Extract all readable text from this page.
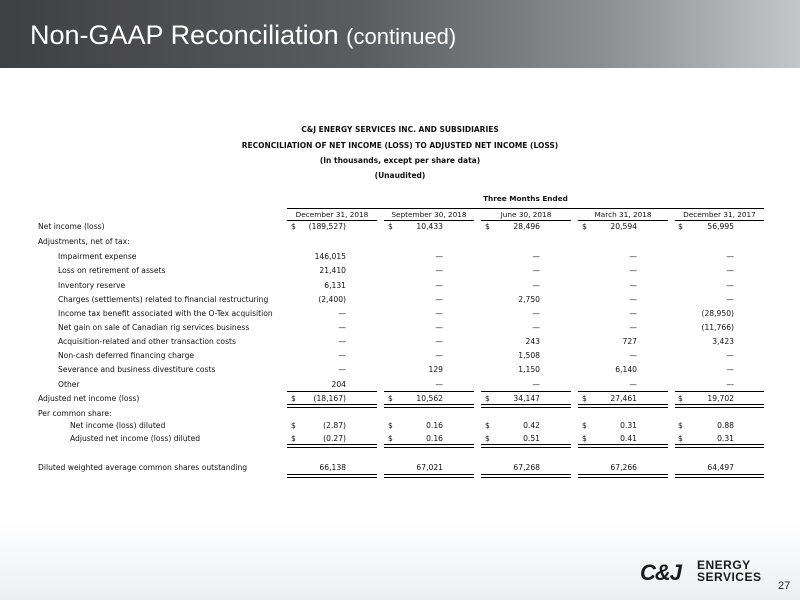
Non-GAAP Reconciliation (continued)
C&J ENERGY SERVICES INC. AND SUBSIDIARIES
RECONCILIATION OF NET INCOME (LOSS) TO ADJUSTED NET INCOME (LOSS)
(In thousands, except per share data)
(Unaudited)
Three Months Ended
December 31, 2018	September 30, 2018	June 30, 2018	March 31, 2018	December 31, 2017
Net income (loss)	$	(189,527)	$	10,433	$	28,496	$	20,594	$	56,995
Adjustments, net of tax:
Impairment expense	146,015	—	—	—	—
Loss on retirement of assets	21,410	—	—	—	—
Inventory reserve	6,131	—	—	—	—
Charges (settlements) related to financial restructuring	(2,400)	—	2,750	—	—
Income tax benefit associated with the O-Tex acquisition	—	—	—	—	(28,950)
Net gain on sale of Canadian rig services business	—	—	—	—	(11,766)
Acquisition-related and other transaction costs	—	—	243	727	3,423
Non-cash deferred financing charge	—	—	1,508	—	—
Severance and business divestiture costs	—	129	1,150	6,140	—
Other	204	—	—	—	—
Adjusted net income (loss)	$	(18,167)	$	10,562	$	34,147	$	27,461	$	19,702
Per common share:
Net income (loss) diluted	$	(2.87)	$	0.16	$	0.42	$	0.31	$	0.88
Adjusted net income (loss) diluted	$	(0.27)	$	0.16	$	0.51	$	0.41	$	0.31
Diluted weighted average common shares outstanding	66,138	67,021	67,268	67,266	64,497
C&J ENERGY
SERVICES
27
